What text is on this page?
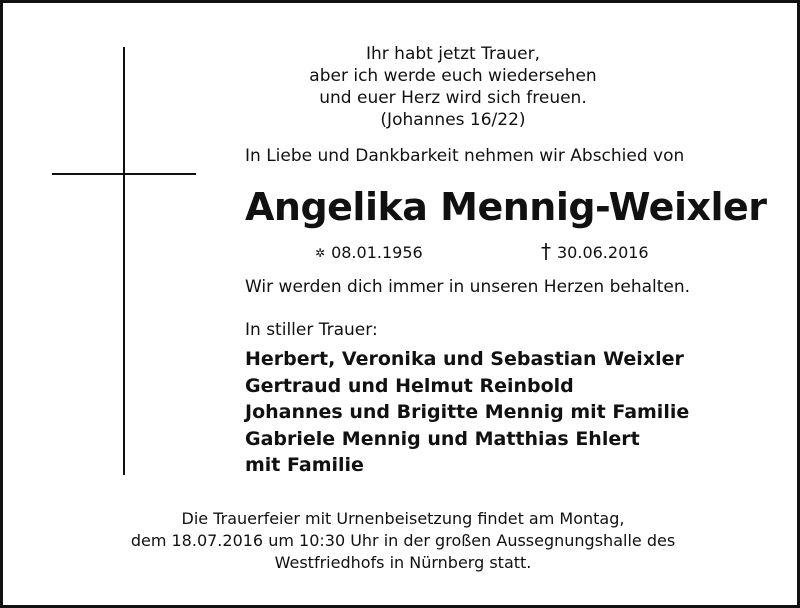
Ihr habt jetzt Trauer,
aber ich werde euch wiedersehen
und euer Herz wird sich freuen.
(Johannes 16/22)
In Liebe und Dankbarkeit nehmen wir Abschied von
Angelika Mennig-Weixler
✲ 08.01.1956	† 30.06.2016
Wir werden dich immer in unseren Herzen behalten.
In stiller Trauer:
Herbert, Veronika und Sebastian Weixler
Gertraud und Helmut Reinbold
Johannes und Brigitte Mennig mit Familie
Gabriele Mennig und Matthias Ehlert
mit Familie
Die Trauerfeier mit Urnenbeisetzung findet am Montag,
dem 18.07.2016 um 10:30 Uhr in der großen Aussegnungshalle des
Westfriedhofs in Nürnberg statt.
